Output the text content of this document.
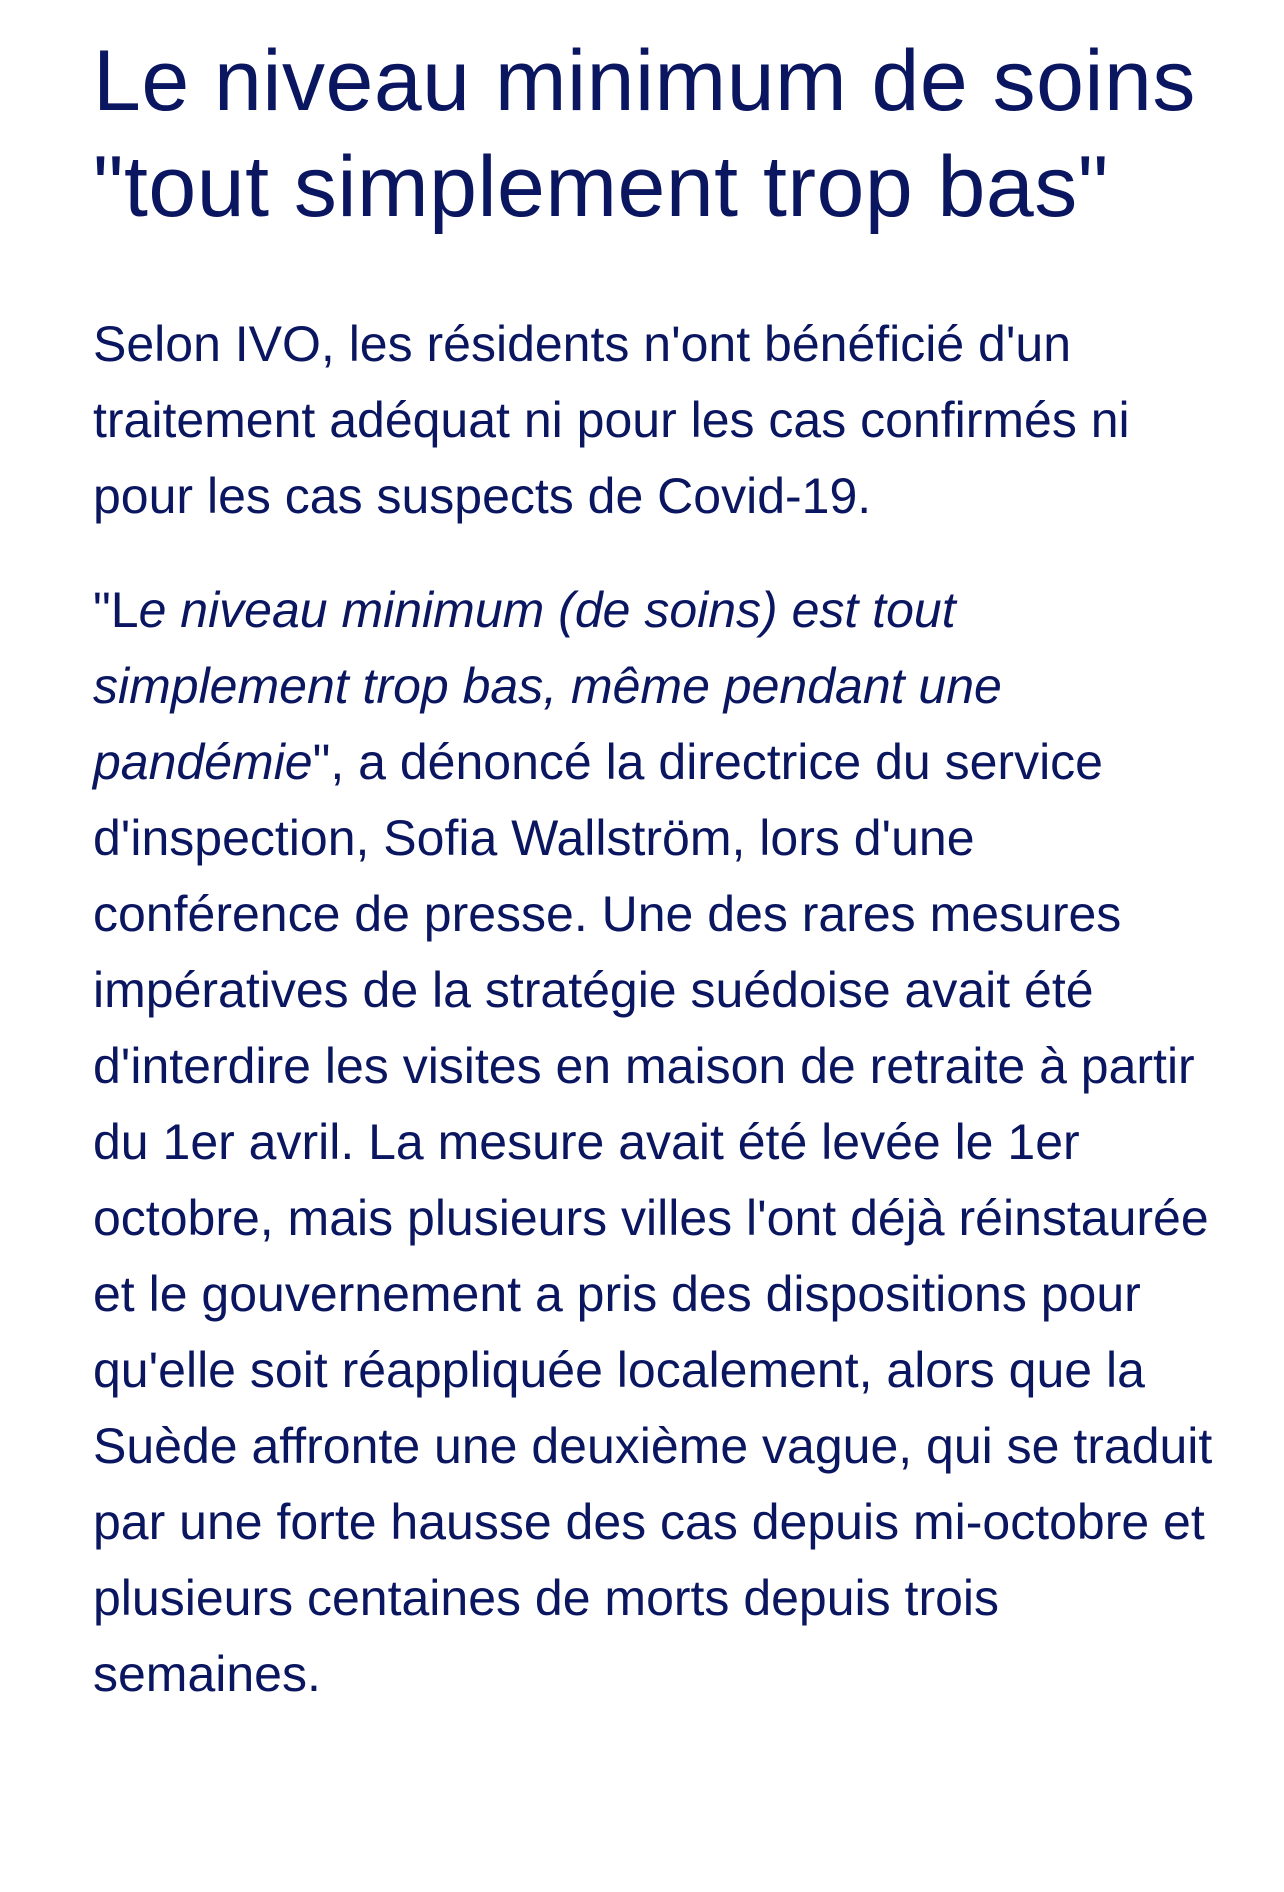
Le niveau minimum de soins "tout simplement trop bas"

Selon IVO, les résidents n'ont bénéficié d'un traitement adéquat ni pour les cas confirmés ni pour les cas suspects de Covid-19.

"Le niveau minimum (de soins) est tout simplement trop bas, même pendant une pandémie", a dénoncé la directrice du service d'inspection, Sofia Wallström, lors d'une conférence de presse. Une des rares mesures impératives de la stratégie suédoise avait été d'interdire les visites en maison de retraite à partir du 1er avril. La mesure avait été levée le 1er octobre, mais plusieurs villes l'ont déjà réinstaurée et le gouvernement a pris des dispositions pour qu'elle soit réappliquée localement, alors que la Suède affronte une deuxième vague, qui se traduit par une forte hausse des cas depuis mi-octobre et plusieurs centaines de morts depuis trois semaines.
